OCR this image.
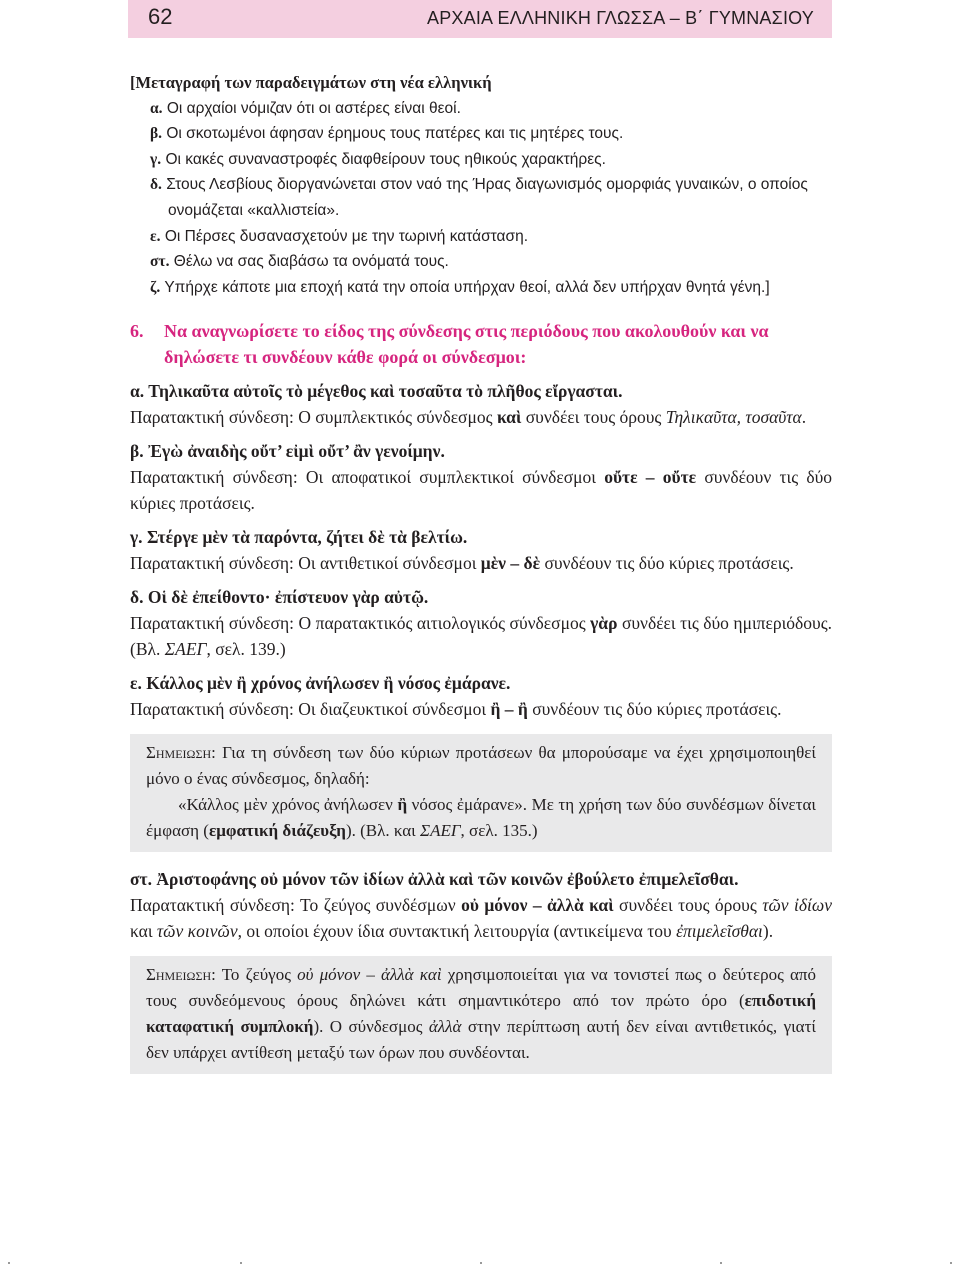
62	ΑΡΧΑΙΑ ΕΛΛΗΝΙΚΗ ΓΛΩΣΣΑ – Β΄ ΓΥΜΝΑΣΙΟΥ
[Μεταγραφή των παραδειγμάτων στη νέα ελληνική
α. Οι αρχαίοι νόμιζαν ότι οι αστέρες είναι θεοί.
β. Οι σκοτωμένοι άφησαν έρημους τους πατέρες και τις μητέρες τους.
γ. Οι κακές συναναστροφές διαφθείρουν τους ηθικούς χαρακτήρες.
δ. Στους Λεσβίους διοργανώνεται στον ναό της Ήρας διαγωνισμός ομορφιάς γυναικών, ο οποίος ονομάζεται «καλλιστεία».
ε. Οι Πέρσες δυσανασχετούν με την τωρινή κατάσταση.
στ. Θέλω να σας διαβάσω τα ονόματά τους.
ζ. Υπήρχε κάποτε μια εποχή κατά την οποία υπήρχαν θεοί, αλλά δεν υπήρχαν θνητά γένη.]
6.	Να αναγνωρίσετε το είδος της σύνδεσης στις περιόδους που ακολουθούν και να δηλώσετε τι συνδέουν κάθε φορά οι σύνδεσμοι:
α. Τηλικαῦτα αὐτοῖς τὸ μέγεθος καὶ τοσαῦτα τὸ πλῆθος εἴργασται.
Παρατακτική σύνδεση: Ο συμπλεκτικός σύνδεσμος καὶ συνδέει τους όρους Τηλικαῦτα, τοσαῦτα.
β. Ἐγὼ ἀναιδὴς οὔτ’ εἰμὶ οὔτ’ ἂν γενοίμην.
Παρατακτική σύνδεση: Οι αποφατικοί συμπλεκτικοί σύνδεσμοι οὔτε – οὔτε συνδέουν τις δύο κύριες προτάσεις.
γ. Στέργε μὲν τὰ παρόντα, ζήτει δὲ τὰ βελτίω.
Παρατακτική σύνδεση: Οι αντιθετικοί σύνδεσμοι μὲν – δὲ συνδέουν τις δύο κύριες προτάσεις.
δ. Οἱ δὲ ἐπείθοντο· ἐπίστευον γὰρ αὐτῷ.
Παρατακτική σύνδεση: Ο παρατακτικός αιτιολογικός σύνδεσμος γὰρ συνδέει τις δύο ημιπεριόδους. (Βλ. ΣΑΕΓ, σελ. 139.)
ε. Κάλλος μὲν ἢ χρόνος ἀνήλωσεν ἢ νόσος ἐμάρανε.
Παρατακτική σύνδεση: Οι διαζευκτικοί σύνδεσμοι ἢ – ἢ συνδέουν τις δύο κύριες προτάσεις.
Σημειωση: Για τη σύνδεση των δύο κύριων προτάσεων θα μπορούσαμε να έχει χρησιμοποιηθεί μόνο ο ένας σύνδεσμος, δηλαδή:
«Κάλλος μὲν χρόνος ἀνήλωσεν ἢ νόσος ἐμάρανε». Με τη χρήση των δύο συνδέσμων δίνεται έμφαση (εμφατική διάζευξη). (Βλ. και ΣΑΕΓ, σελ. 135.)
στ. Ἀριστοφάνης οὐ μόνον τῶν ἰδίων ἀλλὰ καὶ τῶν κοινῶν ἐβούλετο ἐπιμελεῖσθαι.
Παρατακτική σύνδεση: Το ζεύγος συνδέσμων οὐ μόνον – ἀλλὰ καὶ συνδέει τους όρους τῶν ἰδίων και τῶν κοινῶν, οι οποίοι έχουν ίδια συντακτική λειτουργία (αντικείμενα του ἐπιμελεῖσθαι).
Σημειωση: Το ζεύγος οὐ μόνον – ἀλλὰ καὶ χρησιμοποιείται για να τονιστεί πως ο δεύτερος από τους συνδεόμενους όρους δηλώνει κάτι σημαντικότερο από τον πρώτο όρο (επιδοτική καταφατική συμπλοκή). Ο σύνδεσμος ἀλλὰ στην περίπτωση αυτή δεν είναι αντιθετικός, γιατί δεν υπάρχει αντίθεση μεταξύ των όρων που συνδέονται.
